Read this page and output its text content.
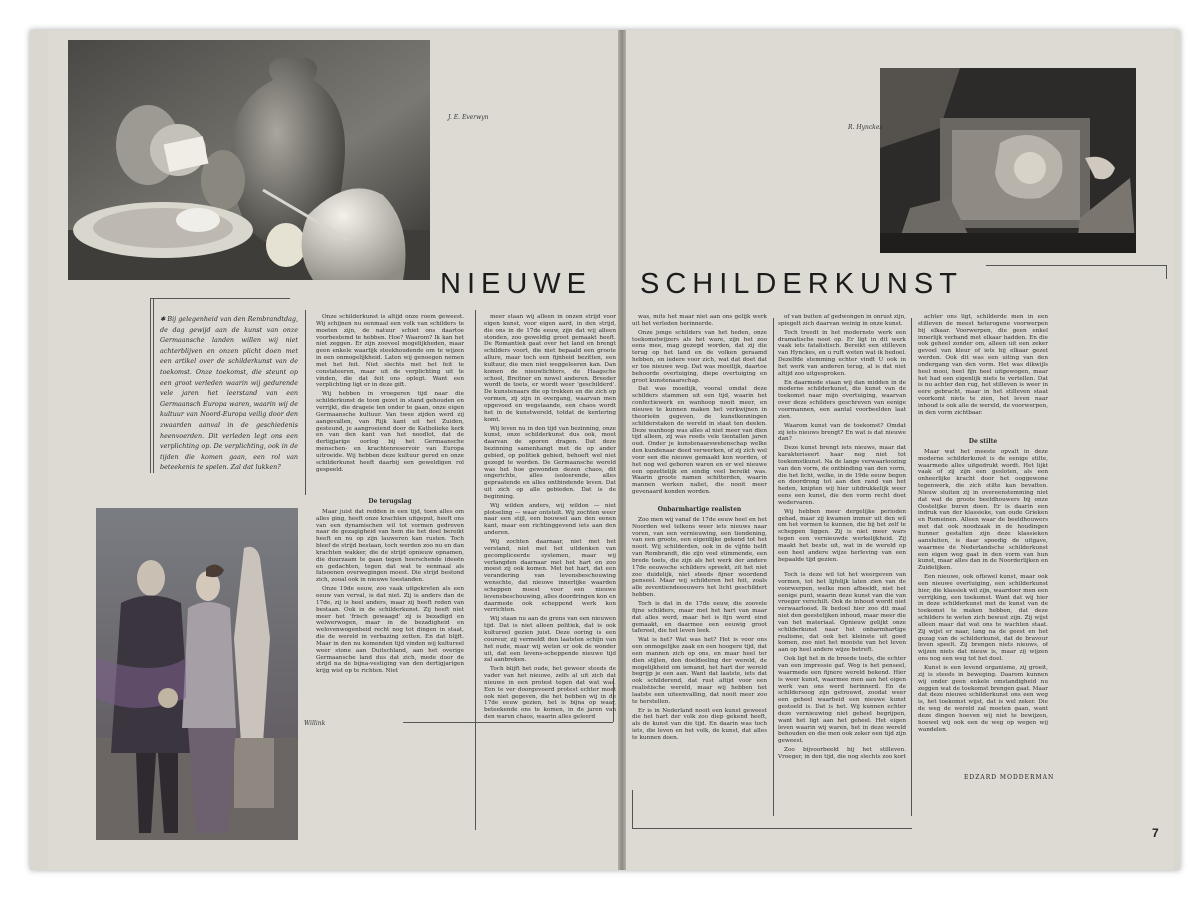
J. E. Everwyn
NIEUWE
✱ Bij gelegenheid van den Rembrandtdag, de dag gewijd aan de kunst van onze Germaansche landen willen wij niet achterblijven en onzen plicht doen met een artikel over de schilderkunst van de toekomst. Onze toekomst, die steunt op een groot verleden waarin wij gedurende vele jaren het leerstand van een Germaansch Europa waren, waarin wij de kultuur van Noord-Europa veilig door den zwaarden aanval in de geschiedenis heenvoerden. Dit verleden legt ons een verplichting op. De verplichting, ook in de tijden die komen gaan, een rol van beteekenis te spelen. Zal dat lukken?

Onze schilderkunst is altijd onze roem geweest. Wij schijnen nu eenmaal een volk van schilders te moeten zijn, de natuur schiet ons daartoe voorbestemd te hebben. Hoe? Waarom? Ik kan het niet zeggen. Er zijn zooveel mogelijkheden, maar geen enkele waarlijk steekhoudende om te wijzen in een onmogelijkheid. Laten wij genoegen nemen met het feit. Niet slechts met het feit te constateeren, maar uit de verplichting uit te vinden, die dat feit ons oplegt. Want een verplichting ligt er in deze gift.

Wij hebben in vroegeren tijd naar die schilderkunst de toon gezet in stand gehouden en verrijkt, die drageie ten onder te gaan, onze eigen Germaansche kultuur. Van twee zijden werd zij aangevallen, van Rijk kant uit het Zuiden, gesteund, je aangroeiend door de Katholieke kerk en van den kant van het noodlot, dat de dertigjarige oorlog bij het Germaansche menschen- en krachtenreservoir van Europa uitroeide. Wij hebben deze kultuur gered en onze schilderkunst heeft daarbij een geweldigen rol gespeeld.

De terugslag

Maar juist dat redden in een tijd, toen alles om alles ging, heeft onze krachten uitgeput, heeft ons van een dynamischen wil tot vormen gedreven naar de gezagigheid van hem die het doel bereikt heeft en nu op zijn lauweren kan rusten. Toch bleef de strijd bestaan, toch werden zoo nu en dan krachten wakker, die de strijd opnieuw opnamen, die duurzaam te gaan tegen heerschende ideeën en gedachten, tegen dat wat te eenmaal als fatsoenen overwegingen moest. Die strijd bestond zich, zooal ook in nieuwe toestanden.

Onze 19de eeuw, zoo vaak uitgekreten als een eeuw van verval, is dat niet. Zij is anders dan de 17de, zij is heel anders, maar zij heeft reden van bestaan. Ook in de schilderkunst. Zij heeft niet meer het 'frisch gewaagd' zij is bezadigd en welwerwogen, maar in de bezadigheid en welovenwogenheid recht nog tot dingen in staat, die de wereld in verbazing zetten. En dat blijft. Maar in den nu komenden tijd vinden wij kultureel weer stone aan Duitschland, aan het overige Germaansche land dus dat zich, mede door de strijd na de bijna-vestiging van den dertigjarigen krijg wist op te richten. Niet

Willink

meer staan wij alleen in onzen strijd voor eigen kunst, voor eigen aard, in den strijd, die ons in de 17de eeuw, zijn dat wij alleen stonden, zoo geweldig groot gemaakt heeft. De Romantiek gaat over het land en brengt schilders voort, die niet bepaald een groote allure, maar toch een fijnheid bezitten, een kultuur, die men niet weggeleeren kan. Dan komen de nieuwlichters, de Haagsche school, Breitner en nowel anderen. Breeder wordt de toets, er wordt weer 'geschilderd'. De kunstenaars die op trekken en die zich op vormen, zij zijn in overgang, waarvan men opgevoed en wegstaande, een chaos wordt het in de kunstwereld, totdat de kentering komt.

Wij leven nu in den tijd van bezinning, onze kunst, onze schilderkunst dus ook, moet daarvan de sporen dragen. Dat deze bezinning samenhangt met de op ander gebied, op politiek gebied, behoeft wel niet gezegd te worden. De Germaansche wereld was het hoe gewonden dezen chaos, dit ongerichte, alles isoleerende, alles gepraatende en alles ontbindende leven. Dat uit zich op alle gebieden. Dat is de beginning.

Wij wilden anders, wij wildon — niet plotseling — waar ontstelt. Wij zochten weer naar een stijl, een bouwsel aan den eenen kant, maar een richtinggevend iets aan den anderen.

Wij zochten daarnaar, niet met het verstand, niet met het uitdenken van gecompliceerde systemen, maar wij verlangden daarnaar met het hart en zoo moest zij ook komen. Met het hart, dat een verandering van levensbeschouwing wenschte, dat nieuwe innerlijke waarden scheppen moest voor een nieuwe levensbeschouwing, alles doordringen kon en daarmede ook scheppend werk kon verrichten.

Wij staan nu aan de grens van een nieuwen tijd. Dat is niet alleen politiek, dat is ook kultureel gezien juist. Deze ooring is een coureur, zij vermeldt den laatsten schijn van het oude, maar wij weten er ook de wonder uit, dat een levens-scheppende nieuwe tijd zal aanbreken.

Toch blijft het oude, het geweer steeds de vader van het nieuwe, zelfs al uit zich dat nieuwe in een protest tegen dat wat was. Een te ver doorgevoerd protest echter moet ook niet gegeven, die het hebben wij in de 17de eeuw gezien, het is bijna op waar, beteekende ons te komen, in de jaren van den waren chaos, waarin alles geleerd

R. Hynckes
SCHILDERKUNST

was, mits het maar niet aan ons gelijk werk uit het verleden herinnerde.

Onze jonge schilders van het heden, onze toekomstwijzers als het ware, zijn het zoo eens mee, mag gezegd worden, dat zij die terug op het land en de volken geraamd hebben, en iedere voor zich, wat dat doet dat er toe nieuwe weg. Dat was moeilijk, daartoe behoorde overtuiging, diepe overtuiging en groot kunstenaarschap.

Dat was moeilijk, vooral omdat deze schilders stammen uit een tijd, waarin het confectiewerk en wanhoop nooit meer, en nieuwe te kunnen maken het verkwijnen in theorieën gegeven, de kunstkenningen schilderstaken de wereld in staat ten deelen. Deze wanhoop was alles al niet meer van dien tijd alleen, zij was reeds vele tientallen jaren oud. Onder je kunstenaarswetenschap welke den kundenaar deed verwerken, of zij zich wel voor een die nieuwe gemaakt kon worden, of het nog wel geboren waren en er wel nieuwe een opzettelijk en eindig veel bereikt was. Waarin groote namen schitterden, waarin mannen werken naliet, die nooit meer gevenaard konden worden.

Onbarmhartige realisten

Zoo men wij vanaf de 17de eeuw heel en het Noorden wel telkens weer iets nieuws naar voren, van een vernieuwing, een tiendening, van een groote, een eigenlijke gekend tot het nooit. Wij schilderden, ook in de vijfde helft van Rembrandt, die zijn veel stimmende, een brede toets, die zijn als het werk der andere 17de eeuwsche schilders spreekt, zit het niet zoo duidelijk, niet steeds fijner woordend penseel. Maar wij schilderen het feit, zoals alle zeventiendeeeuwers het licht geschildert hebben.

Toch is dat in de 17de eeuw, die zoovele fijne schilders, maar met het hart van maar dat alles werd, maar het is fijn werd eind gemaakt, en daarmee een eeuwig groot tafereel, die het leven leek.

Wat is het? Wat was het? Het is voor ons een onmogelijke zaak en een hoogere tijd, dat een mannen zich op ons, en maar heel ter dien stijlen, den doeldeeling der wereld, de mogelijkheid om iemand, het hart der wereld begrijp je een aan. Want dat laatste, iets dat ook schilderend, dat rust altijd voor een realistische wereld, maar wij hebben het laatste een uiteenvalling, dat nooit meer zoo te herstellen.

Er is in Nederland nooit een kunst geweest die het hart der volk zoo diep gekend heeft, als de kunst van die tijd. En daarin was toch iets, die leven en het volk, de kunst, dat alles te kunnen doen.

of van buiten af gedwongen in onrust zijn, spiegelt zich daarvan weinig in onze kunst.

Toch treedt in het modernste werk een dramatische noot op. Er ligt in dit werk vaak iets fatalistisch. Bereikt een stilleven van Hynckes, en u ruft weten wat ik bedoel. Dezelfde stemming echter vindt U ook in het werk van anderen terug, al is dat niet altijd zoo uitgesproken.

En daarmede staan wij dan midden in de moderne schilderkunst, die kunst van de toekomst naar mijn overtuiging, waarvan over deze schilders geschreven van eenige voormannen, een aantal voorbeelden laat zien.

Waarom kunst van de toekomst? Omdat zij iets nieuws brengt? En wat is dat nieuwe dan?

Deze kunst brengt iets nieuws, maar dat karakteriseert haar nog niet tot toekomstkunst. Na de lange verwaarloozing van den vorm, de ontbinding van den vorm, die het licht, welke, in de 19de eeuw begon en doordrong tot aan den rand van het heden, knipten wij hier uitdrukkelijk weer eens een kunst, die den vorm recht doet wedervaren.

Wij hebben meer dergelijke perioden gehad, maar zij kwamen immer uit den wil om het vormen te kunnen, die bij het zelf te scheppen liggen. Zij is niet meer wars tegen een vernieuwde werkelijkheid. Zij maakt het beste uit, wat in de wereld op een heel andere wijze herleving van een bepaalde tijd gezien.

Toch is deze wil tot het weergeven van vormen, tot het lijfelijk laten zien van de voorwerpen, welke men afbeeldt, niet het eenige punt, waarin deze kunst van die van vroeger verschilt. Ook de inhoud wordt niet verwaarloosd. Ik bedoel hier zoo dit maal niet den geestelijken inhoud, maar meer die van het materiaal. Opnieuw gelijkt onze schilderkunst naar het onbarmhartige realisme, dat ook het kleinste uit goed komen, zoo niet het mooiste van het leven aan op heel andere wijze betreft.

Ook ligt het in de breede toets, die echter van een impressie gaf. Weg is het penseel, waarmede een fijnere wereld bekend. Hier is weer kunst, waarmee men aan het eigen werk van ons werd herinnerd. En de schildersoog zijn getrouwd, zoodat weer een geheel waarheid een nieuwe kunst gestoeld is. Dat is het. Wij kunnen echter deze vernieuwing niet geheel begrijpen, want het ligt aan het geheel. Het eigen leven waarin wij waren, het in deze wereld behouden en die men ook zeker een tijd zijn geweest.

Zoo bijvoorbeeld bij het stilleven. Vroeger, in den tijd, die nog slechts zoo kort

achter ons ligt, schilderde men in een stilleven de meest heterogene voorwerpen bij elkaar. Voorwerpen, die geen enkel innerlijk verband met elkaar hadden. En die ook geheel zonder om, alleen uit een zeker gevoel van kleur of iets bij elkaar gezet werden. Ook dit was een uiting van den ondergang van den vorm. Het was dikwijls heel mooi, heel fijn heel uitgewogen, maar het had een eigenlijk niets te vertellen. Dat is nu achter den rug, het stilleven is weer in eere gebracht, maar in het stilleven staat voorkomt niets te zien, het leven naar inhoud is ook alle de wereld, de voorwerpen, in den vorm zichtbaar.

De stilte

Maar wat het meeste opvalt in deze moderne schilderkunst is de eenige stilte, waarmede alles uitgedrukt wordt. Het lijkt vaak of zij zijn een gesloten, als een onheerlijke kracht door het ooggewone tegenwerk, die zich stilte kan bevatten. Nieuw sluiten zij in overeenstemming niet dat wat de groote beeldhouwers bij onze Oostelijke buren doen. Er is daarin een indruk van der klassieke, van oude Grieken en Romeinen. Alleen waar de beeldhouwers met dat ook noodzaak in de houdingen hunner gestalten zijn deze klassieken aansluiten, is daar spoedig de uitgave, waarmee de Nederlandsche schilderkunst een eigen weg gaat in den vorm van hun kunst, maar alles dan in de Noorderlijken en Zuidelijken.

Een nieuwe, ook oftewel kunst, maar ook een nieuwe overtuiging, een schilderkunst hier, die klassiek wil zijn, waardoor men een verrijking, een toekomst. Want dat wij hier in deze schilderkunst met de kunst van de toekomst te maken hebben, dat deze schilders te weten zich bewust zijn. Zij wijst alleen maar dat wat ons te wachten staat. Zij wijst er naar, lang na de geest en het gezag van de schilderkunst, dat de bravour leven speelt. Zij brengen niets nieuws, of wijzen niets dat nieuw is, maar zij wijzen ons nog een weg tot het doel.

Kunst is een levend organisme, zij groeit, zij is steeds in beweging. Daarom kunnen wij onder geen enkele omstandigheid nu zeggen wat de toekomst brengen gaat. Maar dat deze nieuwe schilderkunst ons een weg is, het toekomst wijst, dat is wel zeker. Die de weg de wereld zal moeten gaan, want deze dingen hoeven wij niet te bewijzen, hoewel wij ook een de weg op wegen wij wandelen.

EDZARD MODDERMAN
7
